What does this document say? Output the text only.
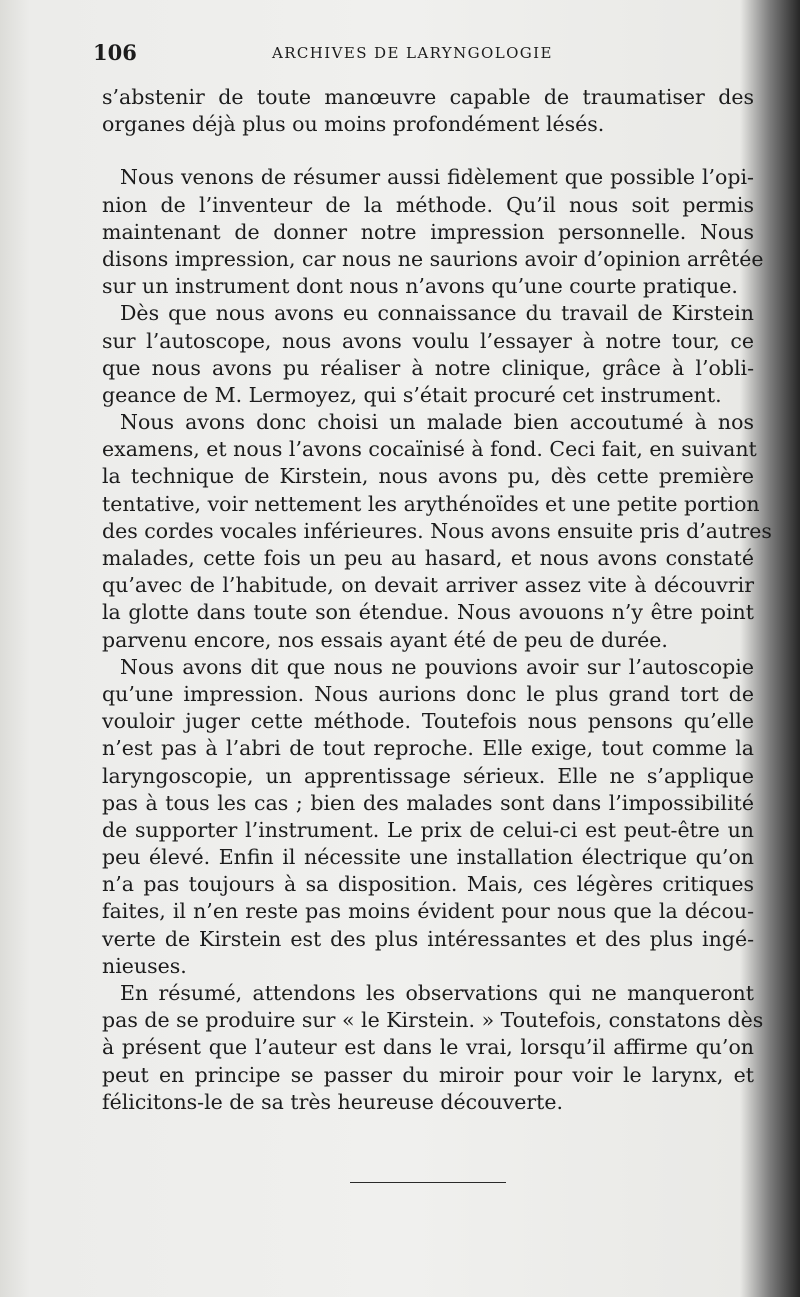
106	ARCHIVES DE LARYNGOLOGIE
s’abstenir de toute manœuvre capable de traumatiser des
organes déjà plus ou moins profondément lésés.
Nous venons de résumer aussi fidèlement que possible l’opi-
nion de l’inventeur de la méthode. Qu’il nous soit permis
maintenant de donner notre impression personnelle. Nous
disons impression, car nous ne saurions avoir d’opinion arrêtée
sur un instrument dont nous n’avons qu’une courte pratique.
Dès que nous avons eu connaissance du travail de Kirstein
sur l’autoscope, nous avons voulu l’essayer à notre tour, ce
que nous avons pu réaliser à notre clinique, grâce à l’obli-
geance de M. Lermoyez, qui s’était procuré cet instrument.
Nous avons donc choisi un malade bien accoutumé à nos
examens, et nous l’avons cocaïnisé à fond. Ceci fait, en suivant
la technique de Kirstein, nous avons pu, dès cette première
tentative, voir nettement les arythénoïdes et une petite portion
des cordes vocales inférieures. Nous avons ensuite pris d’autres
malades, cette fois un peu au hasard, et nous avons constaté
qu’avec de l’habitude, on devait arriver assez vite à découvrir
la glotte dans toute son étendue. Nous avouons n’y être point
parvenu encore, nos essais ayant été de peu de durée.
Nous avons dit que nous ne pouvions avoir sur l’autoscopie
qu’une impression. Nous aurions donc le plus grand tort de
vouloir juger cette méthode. Toutefois nous pensons qu’elle
n’est pas à l’abri de tout reproche. Elle exige, tout comme la
laryngoscopie, un apprentissage sérieux. Elle ne s’applique
pas à tous les cas ; bien des malades sont dans l’impossibilité
de supporter l’instrument. Le prix de celui-ci est peut-être un
peu élevé. Enfin il nécessite une installation électrique qu’on
n’a pas toujours à sa disposition. Mais, ces légères critiques
faites, il n’en reste pas moins évident pour nous que la décou-
verte de Kirstein est des plus intéressantes et des plus ingé-
nieuses.
En résumé, attendons les observations qui ne manqueront
pas de se produire sur « le Kirstein. » Toutefois, constatons dès
à présent que l’auteur est dans le vrai, lorsqu’il affirme qu’on
peut en principe se passer du miroir pour voir le larynx, et
félicitons-le de sa très heureuse découverte.
